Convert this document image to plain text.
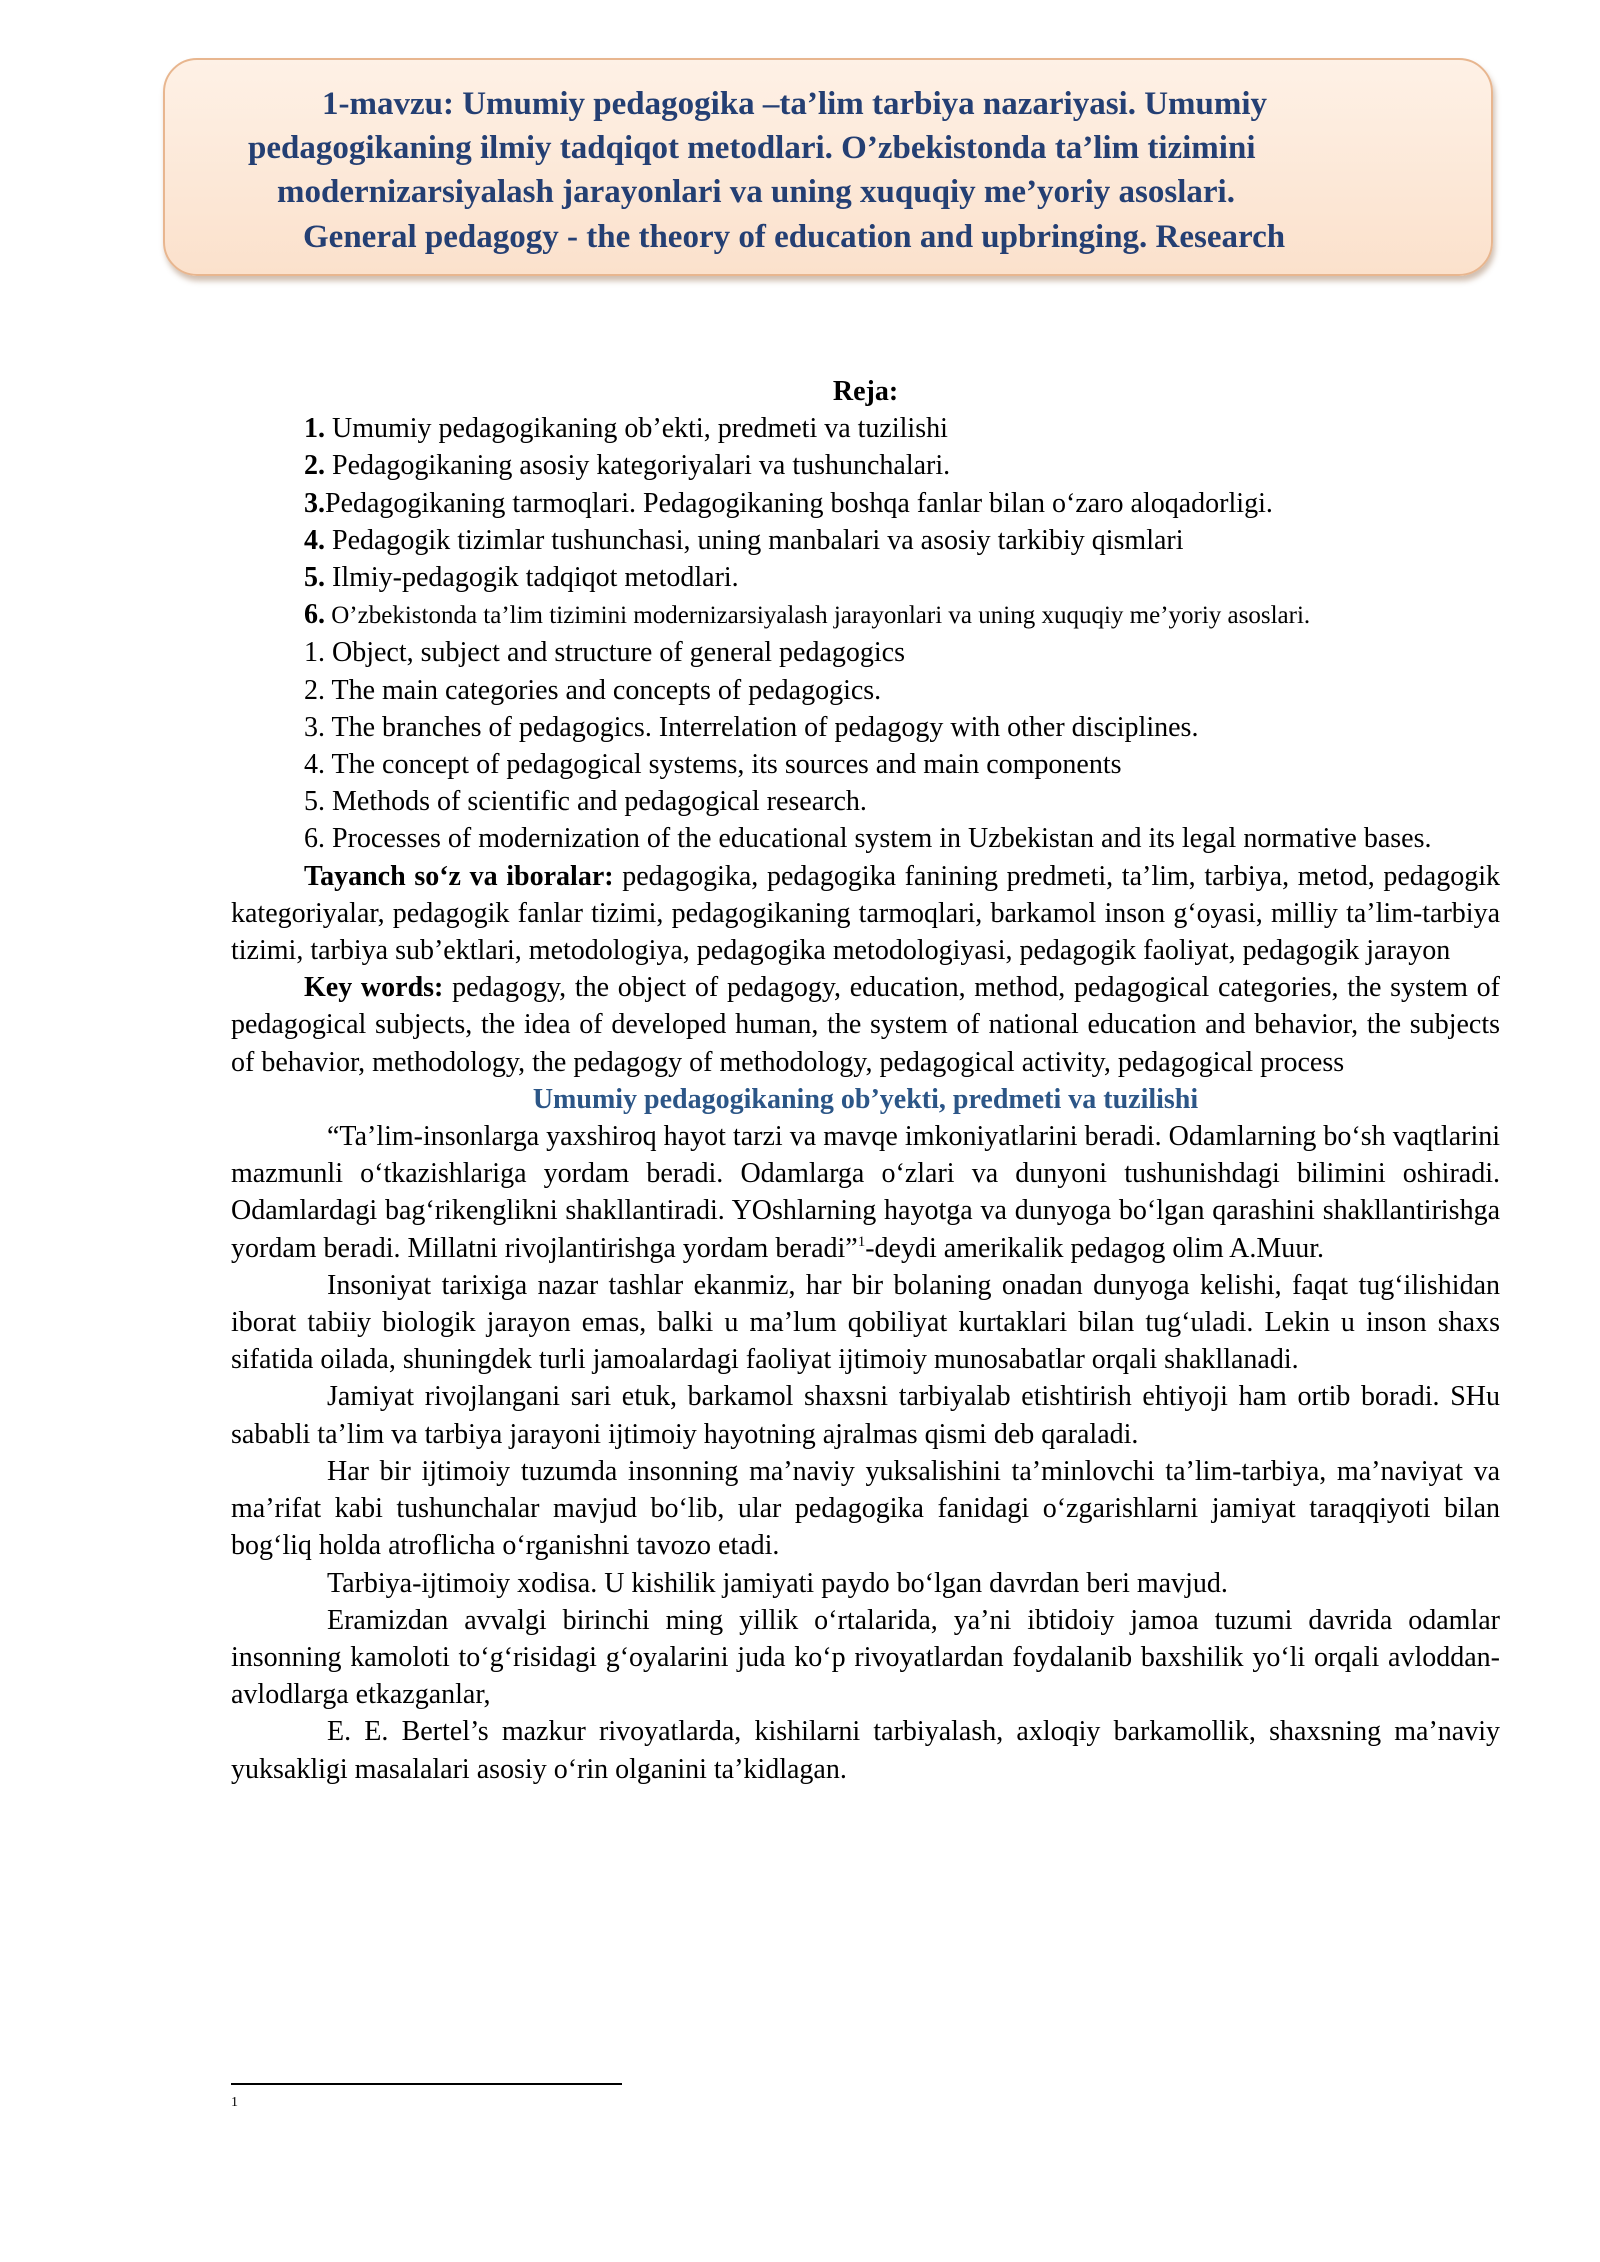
1-mavzu: Umumiy pedagogika –ta’lim tarbiya nazariyasi. Umumiy
pedagogikaning ilmiy tadqiqot metodlari. O’zbekistonda ta’lim tizimini
modernizarsiyalash jarayonlari va uning xuquqiy me’yoriy asoslari.
General pedagogy - the theory of education and upbringing. Research

Reja:

1. Umumiy pedagogikaning ob’ekti, predmeti va tuzilishi

2. Pedagogikaning asosiy kategoriyalari va tushunchalari.

3.Pedagogikaning tarmoqlari. Pedagogikaning boshqa fanlar bilan o‘zaro aloqadorligi.

4. Pedagogik tizimlar tushunchasi, uning manbalari va asosiy tarkibiy qismlari

5. Ilmiy-pedagogik tadqiqot metodlari.

6. O’zbekistonda ta’lim tizimini modernizarsiyalash jarayonlari va uning xuquqiy me’yoriy asoslari.

1. Object, subject and structure of general pedagogics

2. The main categories and concepts of pedagogics.

3. The branches of pedagogics. Interrelation of pedagogy with other disciplines.

4. The concept of pedagogical systems, its sources and main components

5. Methods of scientific and pedagogical research.

6. Processes of modernization of the educational system in Uzbekistan and its legal normative bases.

Tayanch so‘z va iboralar: pedagogika, pedagogika fanining predmeti, ta’lim, tarbiya, metod, pedagogik kategoriyalar, pedagogik fanlar tizimi, pedagogikaning tarmoqlari, barkamol inson g‘oyasi, milliy ta’lim-tarbiya tizimi, tarbiya sub’ektlari, metodologiya, pedagogika metodologiyasi, pedagogik faoliyat, pedagogik jarayon

Key words: pedagogy, the object of pedagogy, education, method, pedagogical categories, the system of pedagogical subjects, the idea of developed human, the system of national education and behavior, the subjects of behavior, methodology, the pedagogy of methodology, pedagogical activity, pedagogical process

Umumiy pedagogikaning ob’yekti, predmeti va tuzilishi

“Ta’lim-insonlarga yaxshiroq hayot tarzi va mavqe imkoniyatlarini beradi. Odamlarning bo‘sh vaqtlarini mazmunli o‘tkazishlariga yordam beradi. Odamlarga o‘zlari va dunyoni tushunishdagi bilimini oshiradi. Odamlardagi bag‘rikenglikni shakllantiradi. YOshlarning hayotga va dunyoga bo‘lgan qarashini shakllantirishga yordam beradi. Millatni rivojlantirishga yordam beradi”$^1$-deydi amerikalik pedagog olim A.Muur.

Insoniyat tarixiga nazar tashlar ekanmiz, har bir bolaning onadan dunyoga kelishi, faqat tug‘ilishidan iborat tabiiy biologik jarayon emas, balki u ma’lum qobiliyat kurtaklari bilan tug‘uladi. Lekin u inson shaxs sifatida oilada, shuningdek turli jamoalardagi faoliyat ijtimoiy munosabatlar orqali shakllanadi.

Jamiyat rivojlangani sari etuk, barkamol shaxsni tarbiyalab etishtirish ehtiyoji ham ortib boradi. SHu sababli ta’lim va tarbiya jarayoni ijtimoiy hayotning ajralmas qismi deb qaraladi.

Har bir ijtimoiy tuzumda insonning ma’naviy yuksalishini ta’minlovchi ta’lim-tarbiya, ma’naviyat va ma’rifat kabi tushunchalar mavjud bo‘lib, ular pedagogika fanidagi o‘zgarishlarni jamiyat taraqqiyoti bilan bog‘liq holda atroflicha o‘rganishni tavozo etadi.

Tarbiya-ijtimoiy xodisa. U kishilik jamiyati paydo bo‘lgan davrdan beri mavjud.

Eramizdan avvalgi birinchi ming yillik o‘rtalarida, ya’ni ibtidoiy jamoa tuzumi davrida odamlar insonning kamoloti to‘g‘risidagi g‘oyalarini juda ko‘p rivoyatlardan foydalanib baxshilik yo‘li orqali avloddan-avlodlarga etkazganlar,

E. E. Bertel’s mazkur rivoyatlarda, kishilarni tarbiyalash, axloqiy barkamollik, shaxsning ma’naviy yuksakligi masalalari asosiy o‘rin olganini ta’kidlagan.

1
